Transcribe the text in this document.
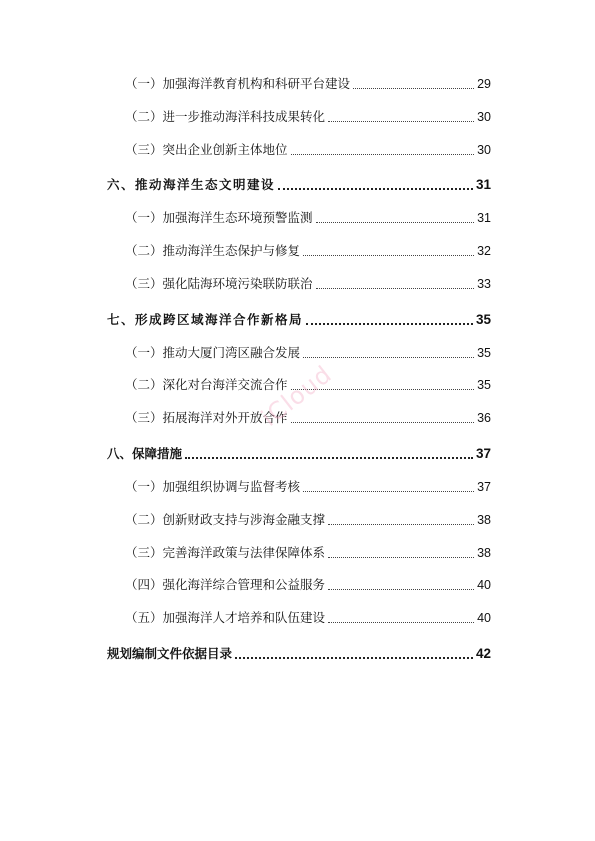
（一）加强海洋教育机构和科研平台建设	29
（二）进一步推动海洋科技成果转化	30
（三）突出企业创新主体地位	30
六、推动海洋生态文明建设	31
（一）加强海洋生态环境预警监测	31
（二）推动海洋生态保护与修复	32
（三）强化陆海环境污染联防联治	33
七、形成跨区域海洋合作新格局	35
（一）推动大厦门湾区融合发展	35
（二）深化对台海洋交流合作	35
（三）拓展海洋对外开放合作	36
八、保障措施	37
（一）加强组织协调与监督考核	37
（二）创新财政支持与涉海金融支撑	38
（三）完善海洋政策与法律保障体系	38
（四）强化海洋综合管理和公益服务	40
（五）加强海洋人才培养和队伍建设	40
规划编制文件依据目录	42
iCloud
